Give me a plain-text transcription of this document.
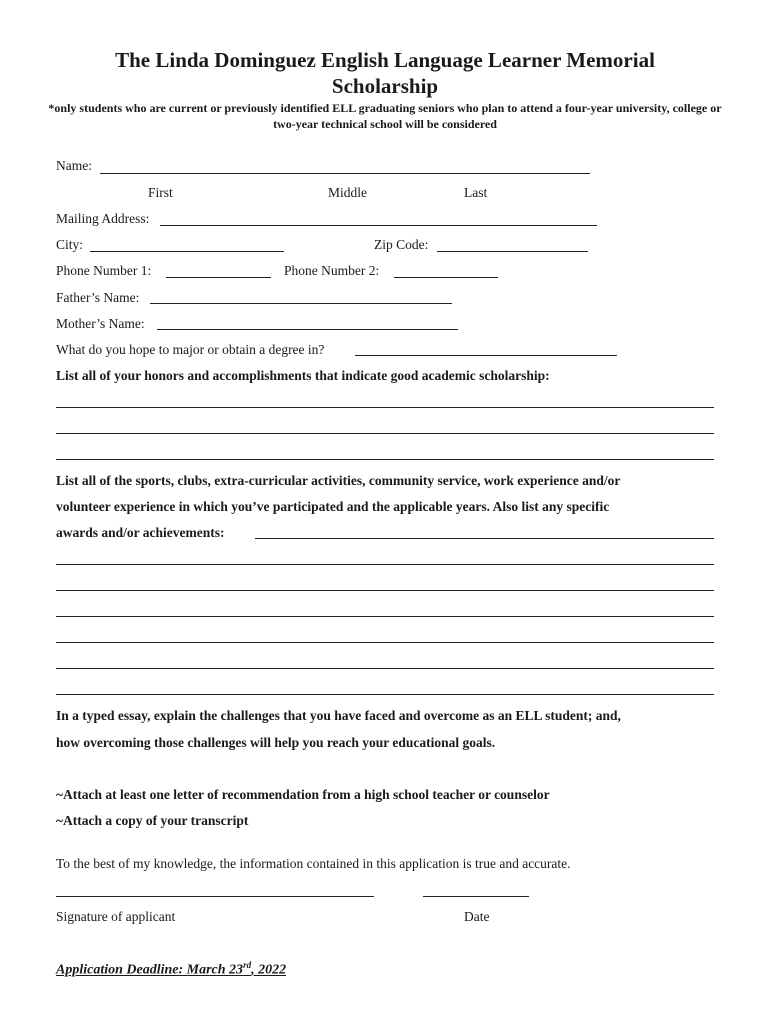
The Linda Dominguez English Language Learner Memorial
Scholarship
*only students who are current or previously identified ELL graduating seniors who plan to attend a four-year university, college or two-year technical school will be considered
Name:
First	Middle	Last
Mailing Address:
City:	Zip Code:
Phone Number 1:	Phone Number 2:
Father’s Name:
Mother’s Name:
What do you hope to major or obtain a degree in?
List all of your honors and accomplishments that indicate good academic scholarship:
List all of the sports, clubs, extra-curricular activities, community service, work experience and/or
volunteer experience in which you’ve participated and the applicable years. Also list any specific
awards and/or achievements:
In a typed essay, explain the challenges that you have faced and overcome as an ELL student; and,
how overcoming those challenges will help you reach your educational goals.
~Attach at least one letter of recommendation from a high school teacher or counselor
~Attach a copy of your transcript
To the best of my knowledge, the information contained in this application is true and accurate.
Signature of applicant	Date
Application Deadline: March 23rd, 2022
